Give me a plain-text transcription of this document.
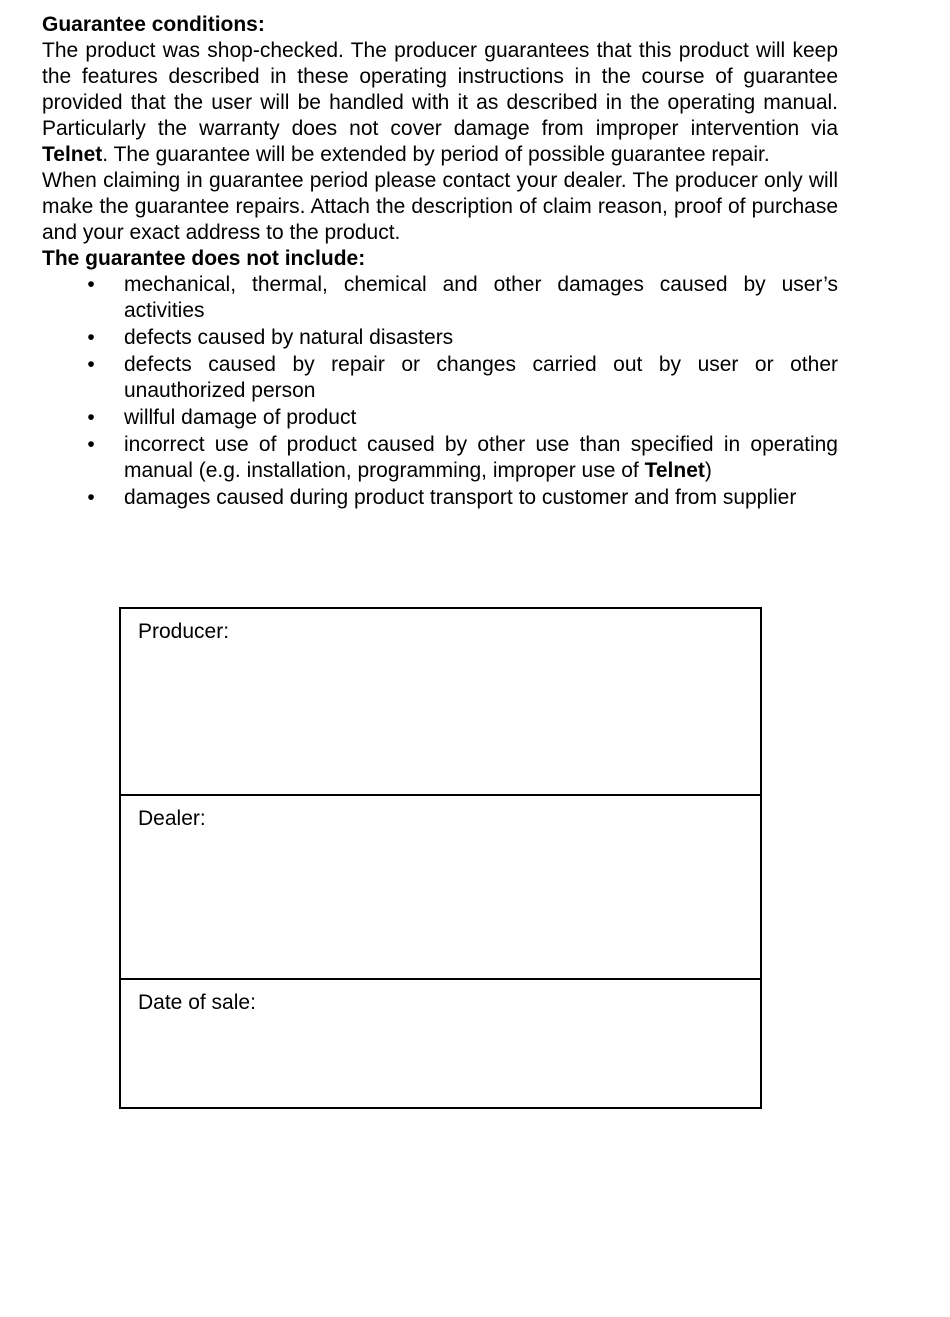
Guarantee conditions:

The product was shop-checked. The producer guarantees that this product will keep the features described in these operating instructions in the course of guarantee provided that the user will be handled with it as described in the operating manual. Particularly the warranty does not cover damage from improper intervention via Telnet. The guarantee will be extended by period of possible guarantee repair.

When claiming in guarantee period please contact your dealer. The producer only will make the guarantee repairs. Attach the description of claim reason, proof of purchase and your exact address to the product.

The guarantee does not include:

• mechanical, thermal, chemical and other damages caused by user’s activities
• defects caused by natural disasters
• defects caused by repair or changes carried out by user or other unauthorized person
• willful damage of product
• incorrect use of product caused by other use than specified in operating manual (e.g. installation, programming, improper use of Telnet)
• damages caused during product transport to customer and from supplier
Producer:
Dealer:
Date of sale:
